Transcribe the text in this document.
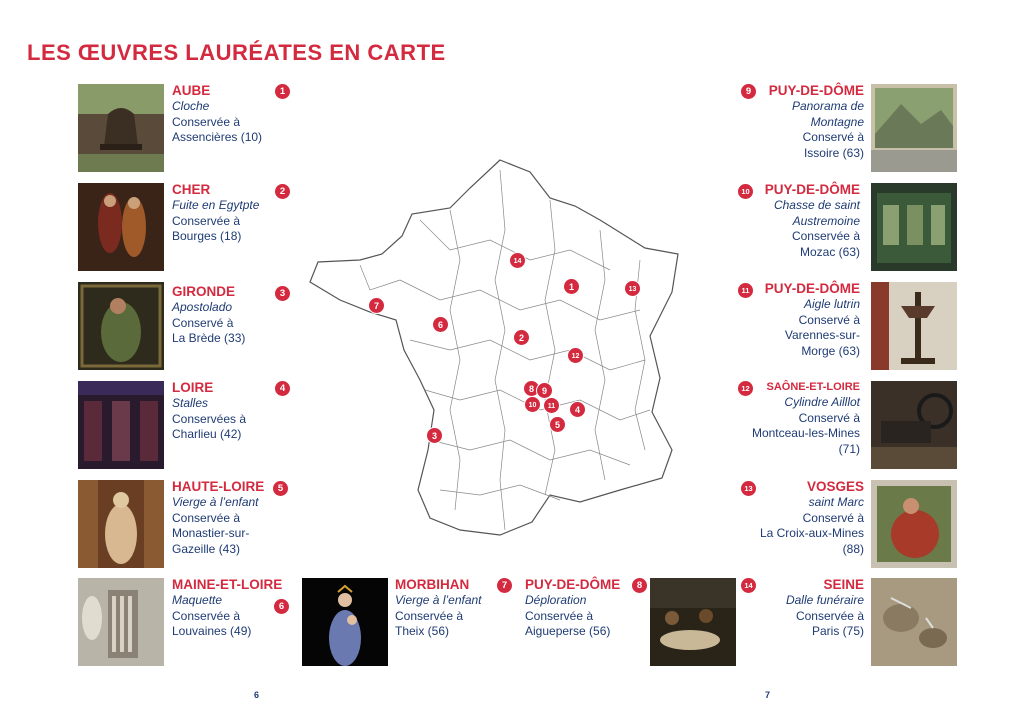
LES ŒUVRES LAURÉATES EN CARTE
AUBE
Cloche
Conservée à
Assencières (10)
1
CHER
Fuite en Egytpte
Conservée à
Bourges (18)
2
GIRONDE
Apostolado
Conservé à
La Brède (33)
3
LOIRE
Stalles
Conservées à
Charlieu (42)
4
HAUTE-LOIRE
Vierge à l’enfant
Conservée à
Monastier-sur-
Gazeille (43)
5
MAINE-ET-LOIRE
Maquette
Conservée à
Louvaines (49)
6
MORBIHAN
Vierge à l’enfant
Conservée à
Theix (56)
7	PUY-DE-DÔME
Déploration
Conservée à
Aigueperse (56)
8
9	PUY-DE-DÔME
Panorama de
Montagne
Conservé à
Issoire (63)
10	PUY-DE-DÔME
Chasse de saint
Austremoine
Conservée à
Mozac (63)
11	PUY-DE-DÔME
Aigle lutrin
Conservé à
Varennes-sur-
Morge (63)
12	SAÔNE-ET-LOIRE
Cylindre Ailllot
Conservé à
Montceau-les-Mines
(71)
13	VOSGES
saint Marc
Conservé à
La Croix-aux-Mines
(88)
14	SEINE
Dalle funéraire
Conservée à
Paris (75)
14
1	13
7
6
2
12
8 9
11
10	4
5
3
6	7
